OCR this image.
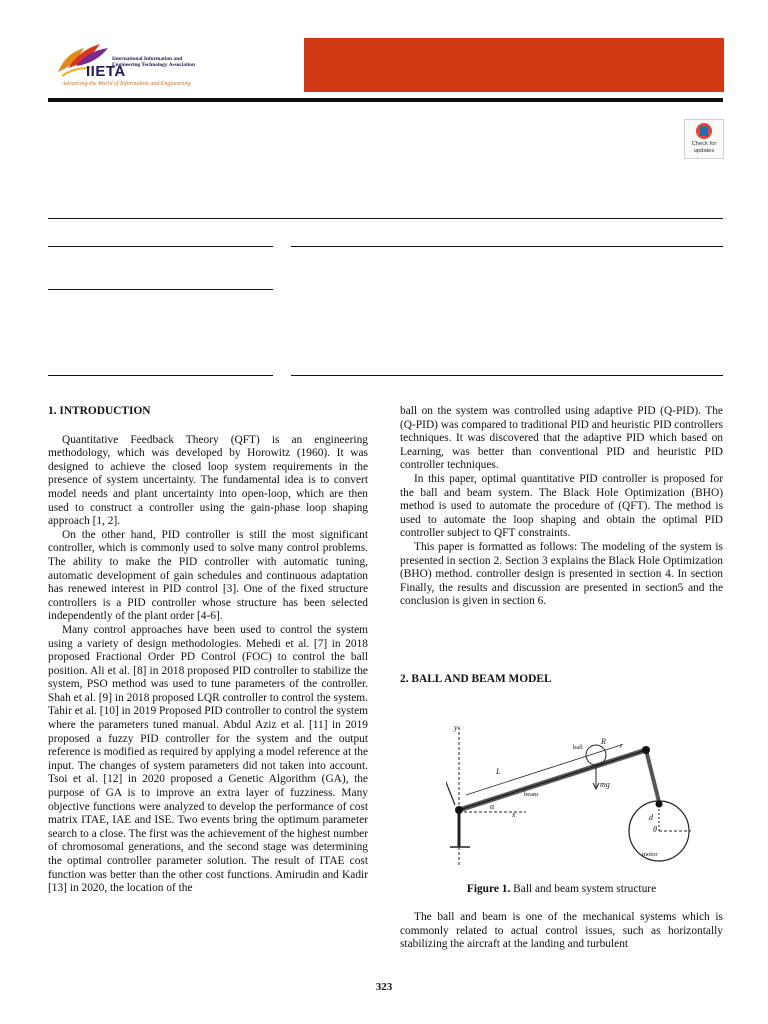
International Information and
Engineering Technology Association
IIETA
Advancing the World of Information and Engineering
Check for
updates
1. INTRODUCTION

Quantitative Feedback Theory (QFT) is an engineering methodology, which was developed by Horowitz (1960). It was designed to achieve the closed loop system requirements in the presence of system uncertainty. The fundamental idea is to convert model needs and plant uncertainty into open-loop, which are then used to construct a controller using the gain-phase loop shaping approach [1, 2].

On the other hand, PID controller is still the most significant controller, which is commonly used to solve many control problems. The ability to make the PID controller with automatic tuning, automatic development of gain schedules and continuous adaptation has renewed interest in PID control [3]. One of the fixed structure controllers is a PID controller whose structure has been selected independently of the plant order [4-6].

Many control approaches have been used to control the system using a variety of design methodologies. Mehedi et al. [7] in 2018 proposed Fractional Order PD Control (FOC) to control the ball position. Ali et al. [8] in 2018 proposed PID controller to stabilize the system, PSO method was used to tune parameters of the controller. Shah et al. [9] in 2018 proposed LQR controller to control the system. Tahir et al. [10] in 2019 Proposed PID controller to control the system where the parameters tuned manual. Abdul Aziz et al. [11] in 2019 proposed a fuzzy PID controller for the system and the output reference is modified as required by applying a model reference at the input. The changes of system parameters did not taken into account. Tsoi et al. [12] in 2020 proposed a Genetic Algorithm (GA), the purpose of GA is to improve an extra layer of fuzziness. Many objective functions were analyzed to develop the performance of cost matrix ITAE, IAE and ISE. Two events bring the optimum parameter search to a close. The first was the achievement of the highest number of chromosomal generations, and the second stage was determining the optimal controller parameter solution. The result of ITAE cost function was better than the other cost functions. Amirudin and Kadir [13] in 2020, the location of the

ball on the system was controlled using adaptive PID (Q-PID). The (Q-PID) was compared to traditional PID and heuristic PID controllers techniques. It was discovered that the adaptive PID which based on Learning, was better than conventional PID and heuristic PID controller techniques.

In this paper, optimal quantitative PID controller is proposed for the ball and beam system. The Black Hole Optimization (BHO) method is used to automate the procedure of (QFT). The method is used to automate the loop shaping and obtain the optimal PID controller subject to QFT constraints.

This paper is formatted as follows: The modeling of the system is presented in section 2. Section 3 explains the Black Hole Optimization (BHO) method. controller design is presented in section 4. In section Finally, the results and discussion are presented in section5 and the conclusion is given in section 6.

2. BALL AND BEAM MODEL
y
L
ball
R r
mg
beam
α
x	d
θ
motor
Figure 1. Ball and beam system structure

The ball and beam is one of the mechanical systems which is commonly related to actual control issues, such as horizontally stabilizing the aircraft at the landing and turbulent

323
